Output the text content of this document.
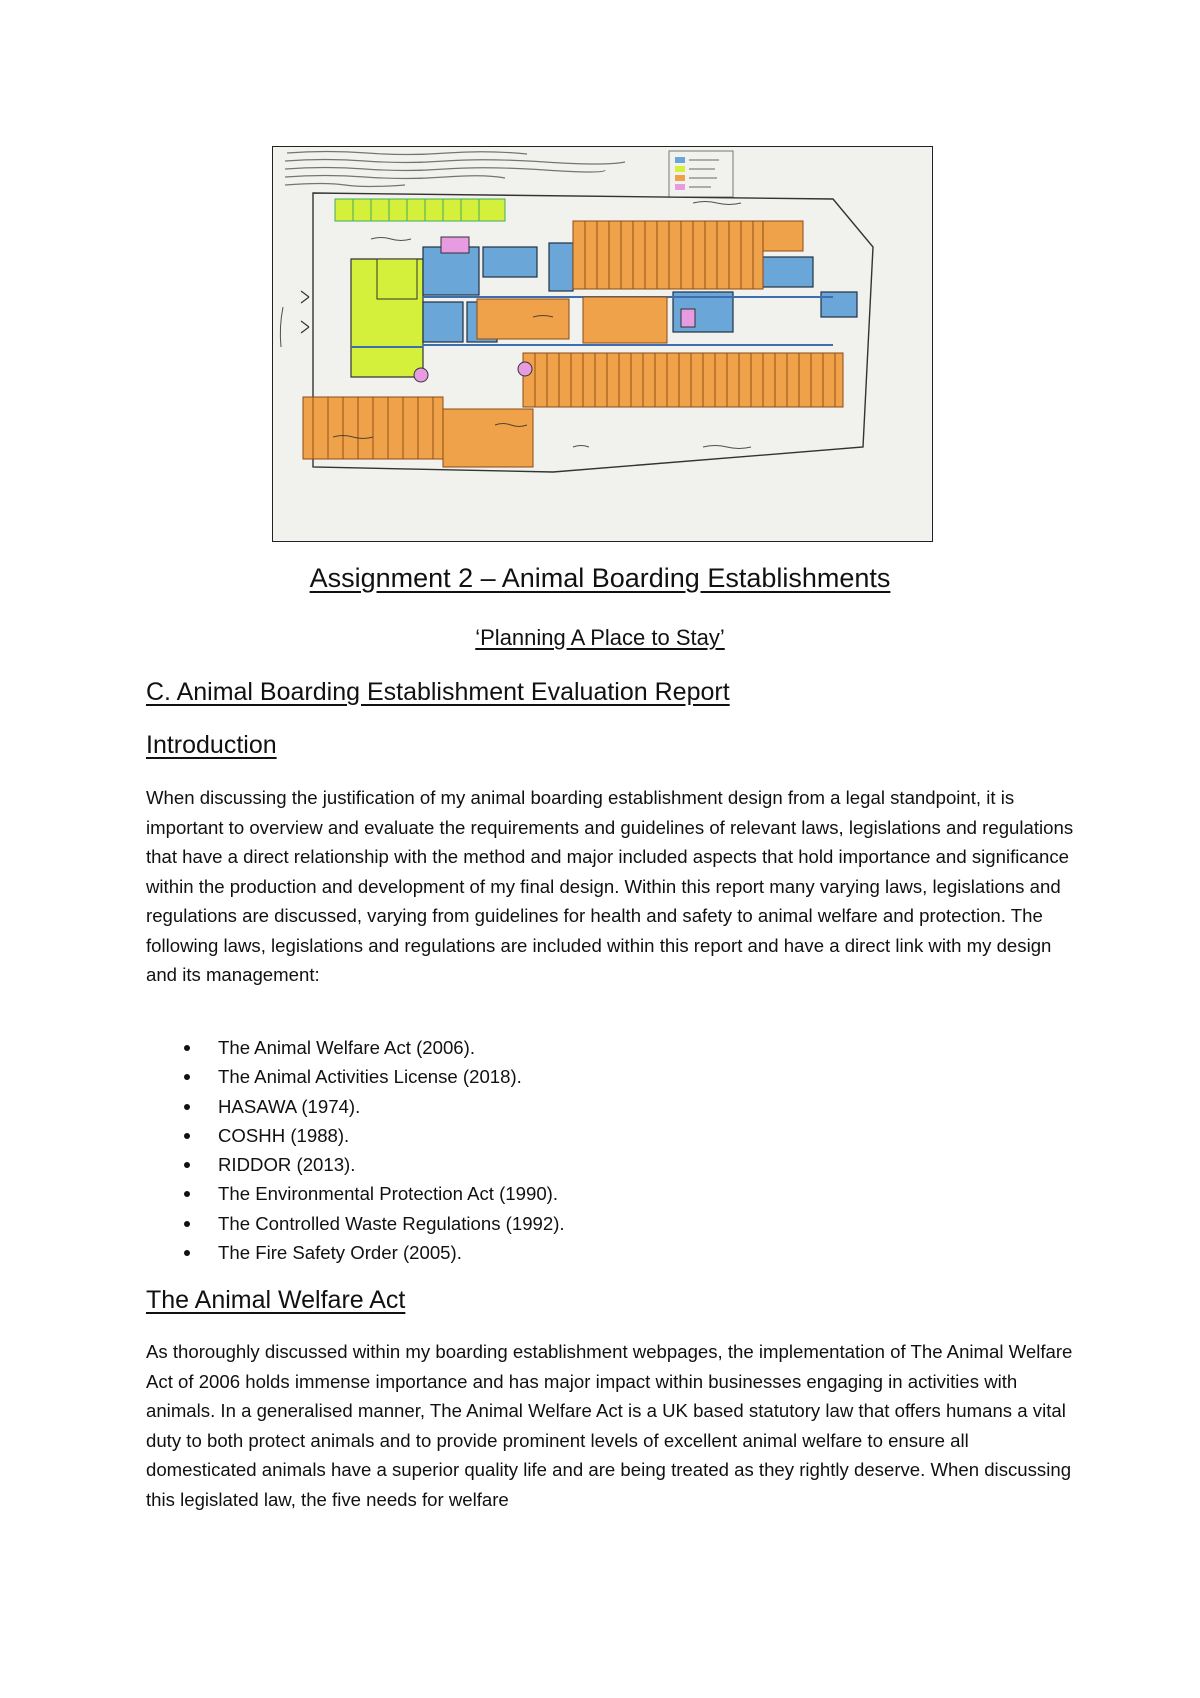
Assignment 2 – Animal Boarding Establishments
‘Planning A Place to Stay’
C. Animal Boarding Establishment Evaluation Report
Introduction

When discussing the justification of my animal boarding establishment design from a legal standpoint, it is important to overview and evaluate the requirements and guidelines of relevant laws, legislations and regulations that have a direct relationship with the method and major included aspects that hold importance and significance within the production and development of my final design. Within this report many varying laws, legislations and regulations are discussed, varying from guidelines for health and safety to animal welfare and protection. The following laws, legislations and regulations are included within this report and have a direct link with my design and its management:

The Animal Welfare Act (2006).
The Animal Activities License (2018).
HASAWA (1974).
COSHH (1988).
RIDDOR (2013).
The Environmental Protection Act (1990).
The Controlled Waste Regulations (1992).
The Fire Safety Order (2005).
The Animal Welfare Act

As thoroughly discussed within my boarding establishment webpages, the implementation of The Animal Welfare Act of 2006 holds immense importance and has major impact within businesses engaging in activities with animals. In a generalised manner, The Animal Welfare Act is a UK based statutory law that offers humans a vital duty to both protect animals and to provide prominent levels of excellent animal welfare to ensure all domesticated animals have a superior quality life and are being treated as they rightly deserve. When discussing this legislated law, the five needs for welfare
